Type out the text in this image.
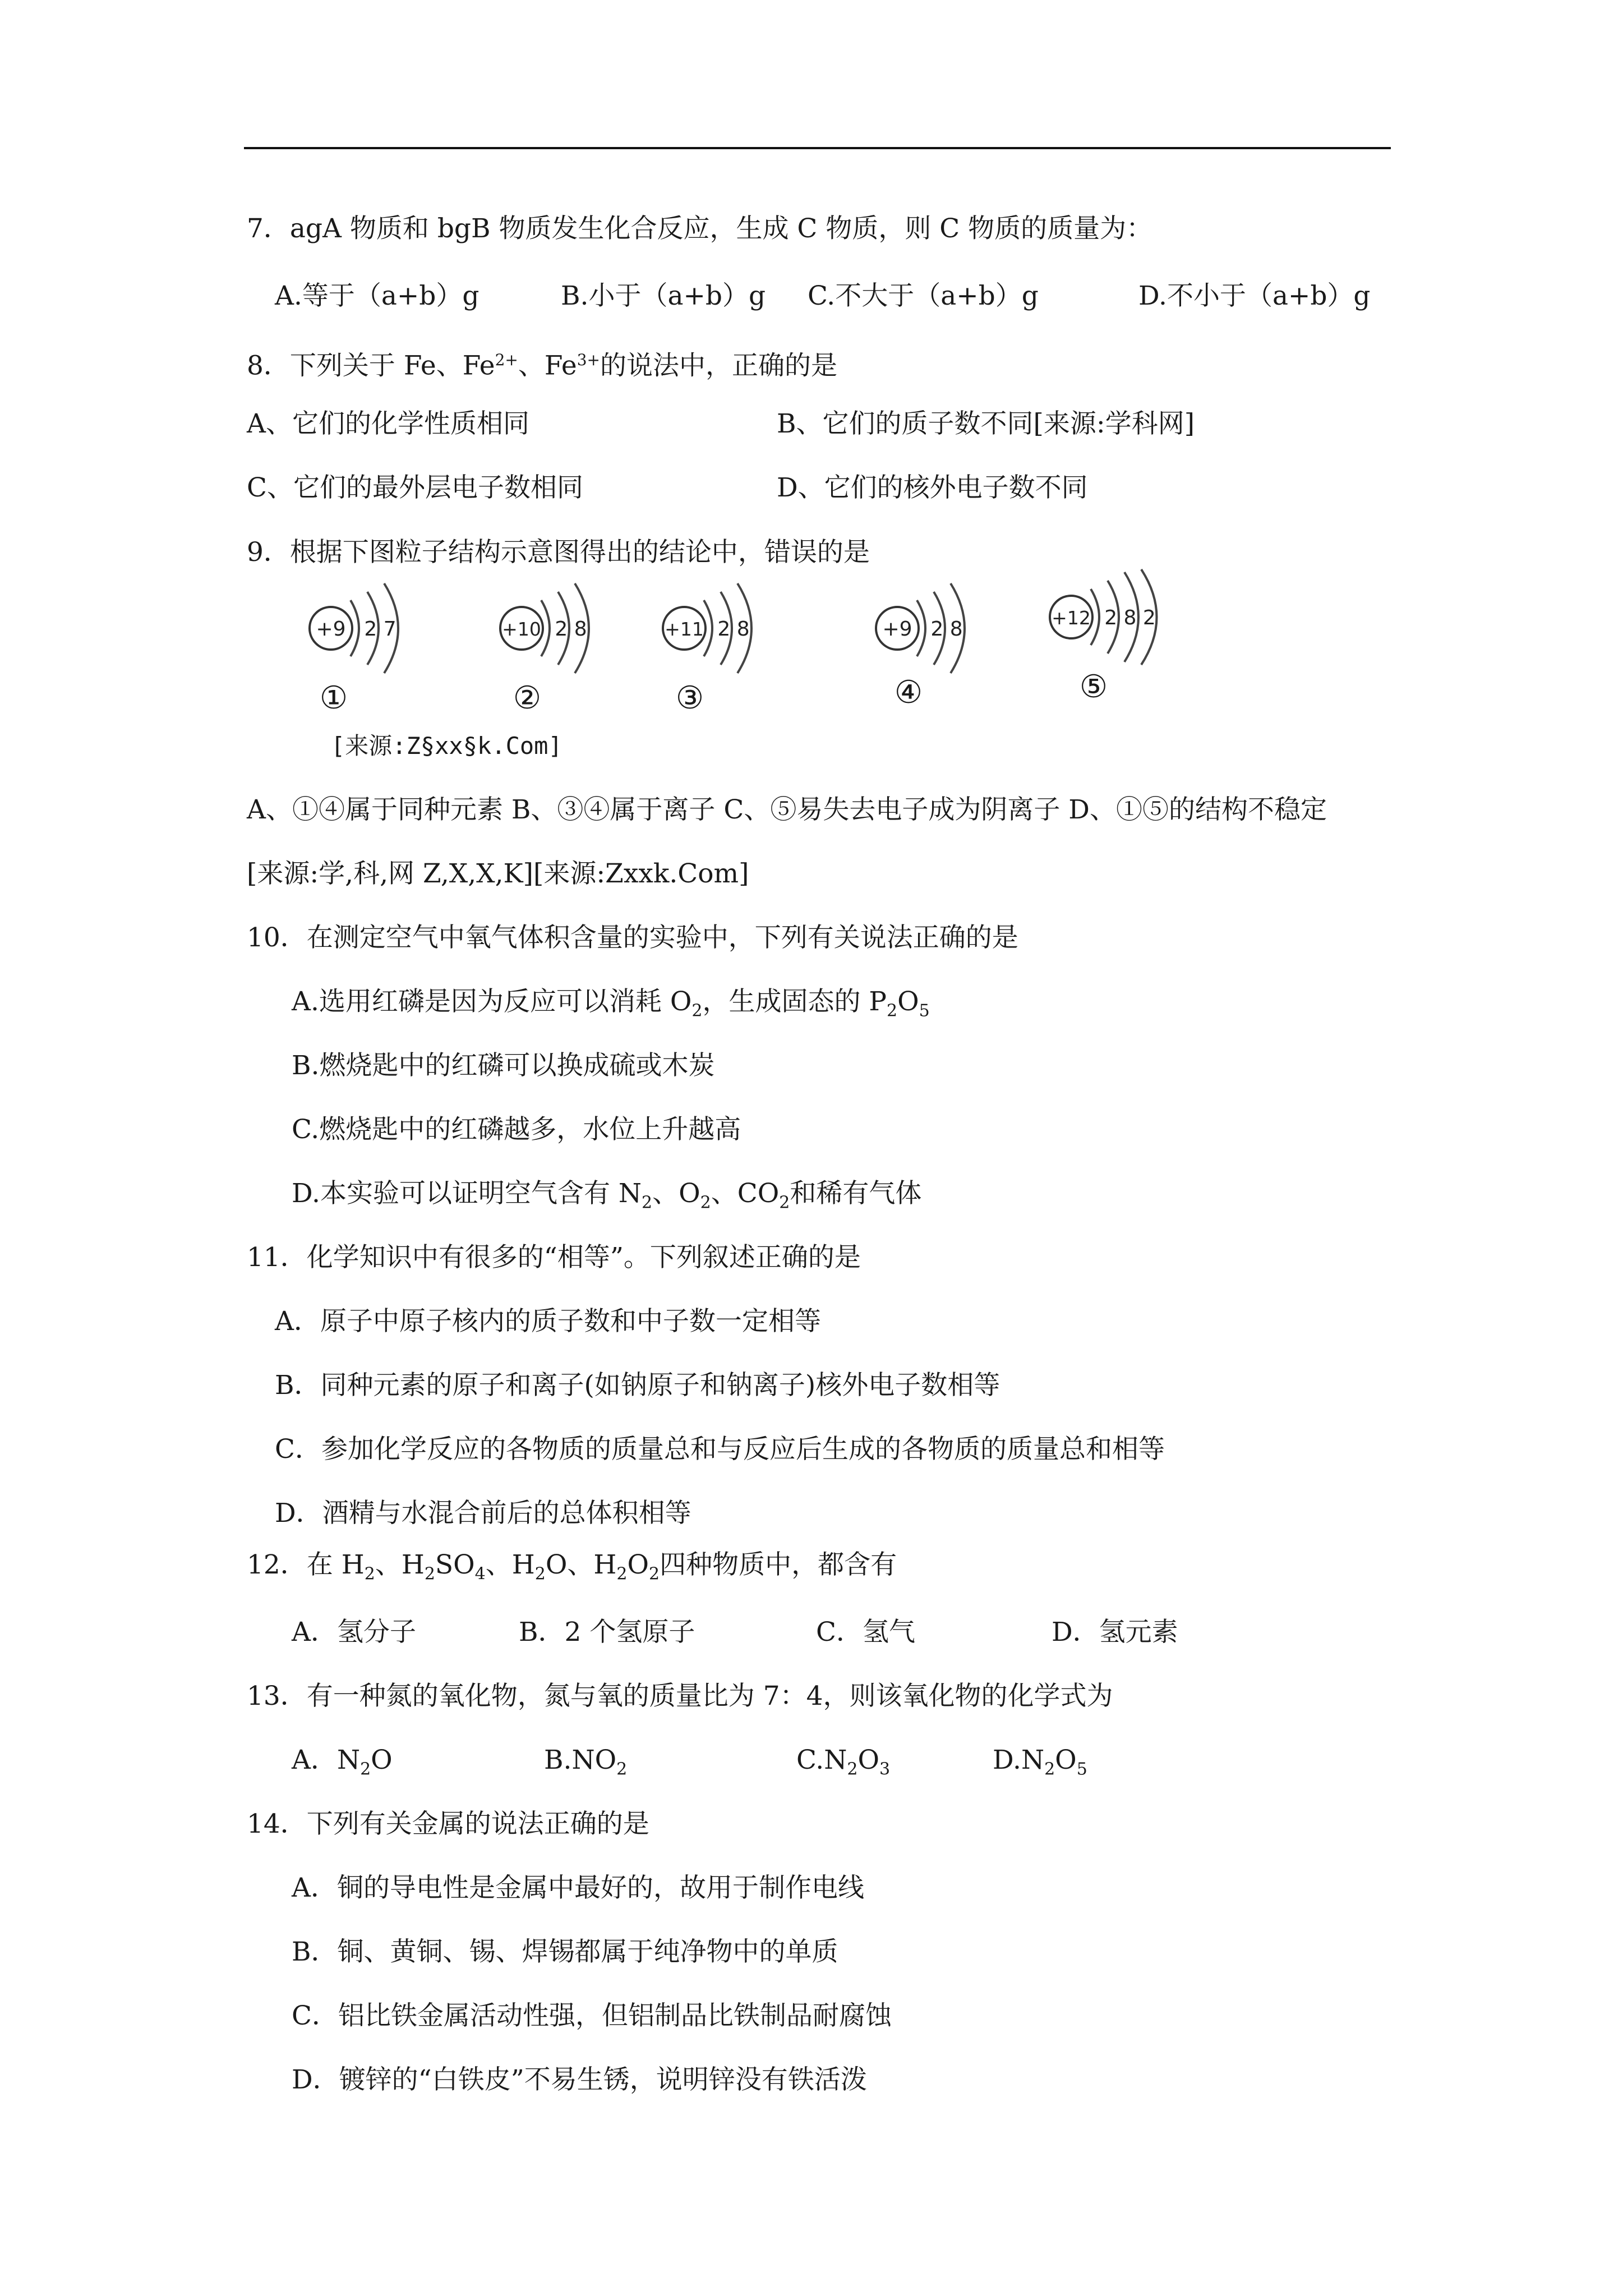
7．agA 物质和 bgB 物质发生化合反应，生成 C 物质，则 C 物质的质量为：
A.等于（a+b）g	B.小于（a+b）g C.不大于（a+b）g	D.不小于（a+b）g
8．下列关于 Fe、$Fe^{2+}$、$Fe^{3+}$的说法中，正确的是
A、它们的化学性质相同	B、它们的质子数不同[来源:学科网]
C、它们的最外层电子数相同	D、它们的核外电子数不同
9．根据下图粒子结构示意图得出的结论中，错误的是
+9 2 7
①
+10 2 8
②
+11 2 8
③
+9 2 8
④
+12 2 8 2
⑤
[来源:Z§xx§k.Com]
A、①④属于同种元素 B、③④属于离子 C、⑤易失去电子成为阴离子 D、①⑤的结构不稳定
[来源:学,科,网 Z,X,X,K][来源:Zxxk.Com]
10．在测定空气中氧气体积含量的实验中，下列有关说法正确的是
A.选用红磷是因为反应可以消耗 $O_2$，生成固态的 $P_2O_5$
B.燃烧匙中的红磷可以换成硫或木炭
C.燃烧匙中的红磷越多，水位上升越高
D.本实验可以证明空气含有 $N_2$、$O_2$、$CO_2$和稀有气体
11．化学知识中有很多的“相等”。下列叙述正确的是
A．原子中原子核内的质子数和中子数一定相等
B．同种元素的原子和离子(如钠原子和钠离子)核外电子数相等
C．参加化学反应的各物质的质量总和与反应后生成的各物质的质量总和相等
D．酒精与水混合前后的总体积相等
12．在 $H_2$、$H_2SO_4$、$H_2O$、$H_2O_2$四种物质中，都含有
A．氢分子	B．2 个氢原子	C．氢气	D．氢元素
13．有一种氮的氧化物，氮与氧的质量比为 7：4，则该氧化物的化学式为
A．$N_2O$	$B.NO_2$	$C.N_2O_3$	$D.N_2O_5$
14．下列有关金属的说法正确的是
A．铜的导电性是金属中最好的，故用于制作电线
B．铜、黄铜、锡、焊锡都属于纯净物中的单质
C．铝比铁金属活动性强，但铝制品比铁制品耐腐蚀
D．镀锌的“白铁皮”不易生锈，说明锌没有铁活泼
